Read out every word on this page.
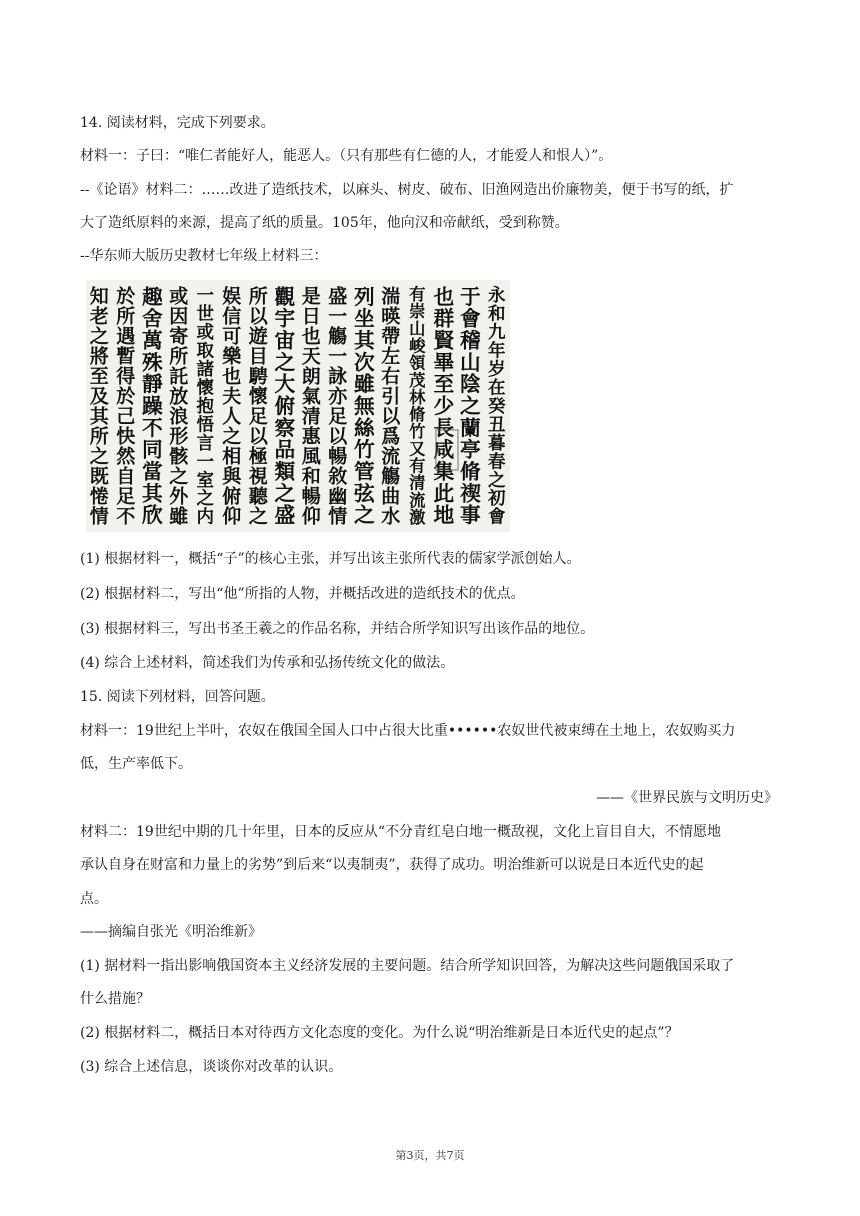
14. 阅读材料，完成下列要求。
材料一：子曰：“唯仁者能好人，能恶人。（只有那些有仁德的人，才能爱人和恨人）”。
--《论语》材料二：……改进了造纸技术，以麻头、树皮、破布、旧渔网造出价廉物美，便于书写的纸，扩
大了造纸原料的来源，提高了纸的质量。105年，他向汉和帝献纸，受到称赞。
--华东师大版历史教材七年级上材料三：
永
和
九
年
岁
在
癸
丑
暮
春
之
初
會
于
會
稽
山
陰
之
蘭
亭
脩
禊
事
也
群
賢
畢
至
少
長
咸
集
此
地
有
崇
山
峻
領
茂
林
脩
竹
又
有
清
流
激
湍
暎
帶
左
右
引
以
爲
流
觴
曲
水
列
坐
其
次
雖
無
絲
竹
管
弦
之
盛
一
觴
一
詠
亦
足
以
暢
敘
幽
情
是
日
也
天
朗
氣
清
惠
風
和
暢
仰
觀
宇
宙
之
大
俯
察
品
類
之
盛
所
以
遊
目
騁
懷
足
以
極
視
聽
之
娱
信
可
樂
也
夫
人
之
相
與
俯
仰
一
世
或
取
諸
懷
抱
悟
言
一
室
之
内
或
因
寄
所
託
放
浪
形
骸
之
外
雖
趣
舍
萬
殊
靜
躁
不
同
當
其
欣
於
所
遇
暫
得
於
己
快
然
自
足
不
知
老
之
將
至
及
其
所
之
既
惓
情
(1) 根据材料一，概括“子”的核心主张，并写出该主张所代表的儒家学派创始人。
(2) 根据材料二，写出“他”所指的人物，并概括改进的造纸技术的优点。
(3) 根据材料三，写出书圣王羲之的作品名称，并结合所学知识写出该作品的地位。
(4) 综合上述材料，简述我们为传承和弘扬传统文化的做法。
15. 阅读下列材料，回答问题。
材料一：19世纪上半叶，农奴在俄国全国人口中占很大比重••••••农奴世代被束缚在土地上，农奴购买力
低，生产率低下。
——《世界民族与文明历史》
材料二：19世纪中期的几十年里，日本的反应从“不分青红皂白地一概敌视，文化上盲目自大，不情愿地
承认自身在财富和力量上的劣势”到后来“以夷制夷”，获得了成功。明治维新可以说是日本近代史的起
点。
——摘编自张光《明治维新》
(1) 据材料一指出影响俄国资本主义经济发展的主要问题。结合所学知识回答，为解决这些问题俄国采取了
什么措施？
(2) 根据材料二，概括日本对待西方文化态度的变化。为什么说“明治维新是日本近代史的起点”？
(3) 综合上述信息，谈谈你对改革的认识。
第3页，共7页
